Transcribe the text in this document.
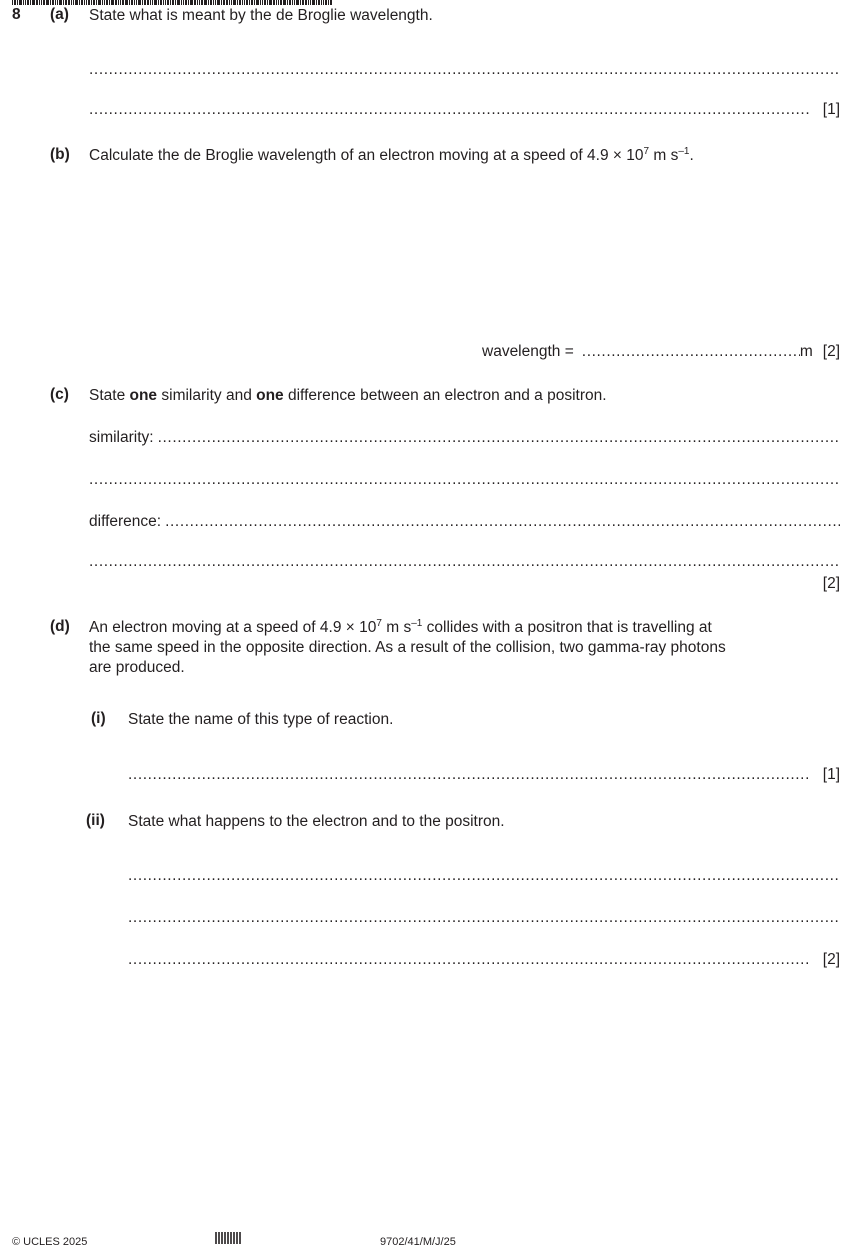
8 (a) State what is meant by the de Broglie wavelength.
.....
.....
[1]
(b) Calculate the de Broglie wavelength of an electron moving at a speed of $4.9 \times 10^7$ m $s^{-1}$.
wavelength =
.....	m [2]
(c) State one similarity and one difference between an electron and a positron.
similarity:
.....
.....
difference:
.....
.....
[2]
(d) An electron moving at a speed of $4.9 \times 10^7$ m $s^{-1}$ collides with a positron that is travelling at
the same speed in the opposite direction. As a result of the collision, two gamma-ray photons
are produced.
(i) State the name of this type of reaction.
.....
[1]
(ii) State what happens to the electron and to the positron.
.....
.....
.....
[2]
© UCLES 2025	9702/41/M/J/25
